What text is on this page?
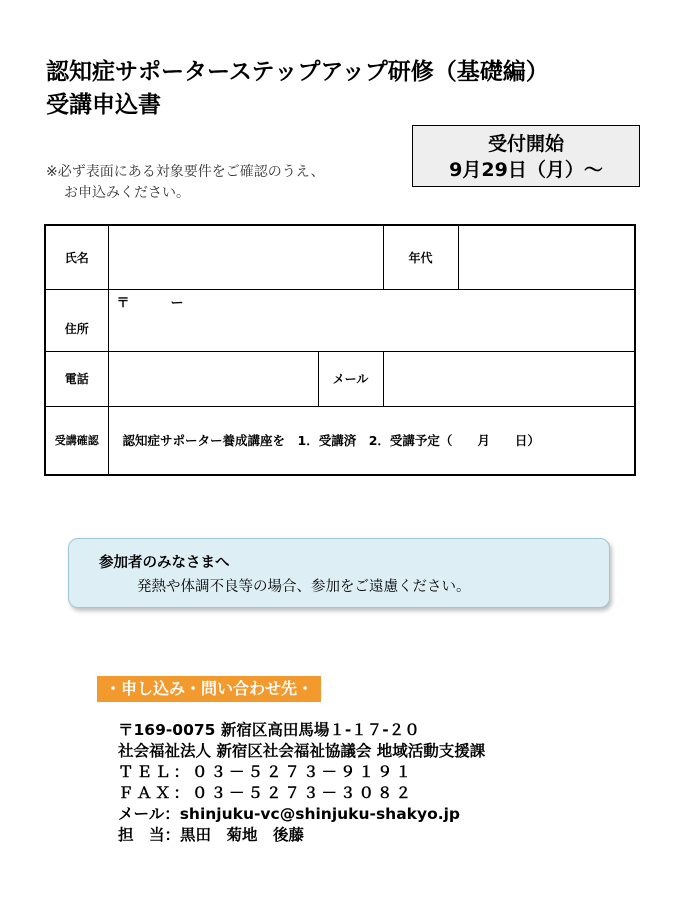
認知症サポーターステップアップ研修（基礎編）
受講申込書
受付開始
9月29日（月）〜
※必ず表面にある対象要件をご確認のうえ、
お申込みください。
氏名			年代	
住所	〒 ー			

電話		メール		
受講確認	認知症サポーター養成講座を　1．受講済　2．受講予定（　　月　　日）			
参加者のみなさまへ
発熱や体調不良等の場合、参加をご遠慮ください。
・申し込み・問い合わせ先・
〒169-0075 新宿区高田馬場１-１７-２０
社会福祉法人 新宿区社会福祉協議会 地域活動支援課
ＴＥＬ：０３－５２７３－９１９１
ＦＡＸ：０３－５２７３－３０８２
メール：shinjuku-vc@shinjuku-shakyo.jp
担　当：黒田　菊地　後藤
